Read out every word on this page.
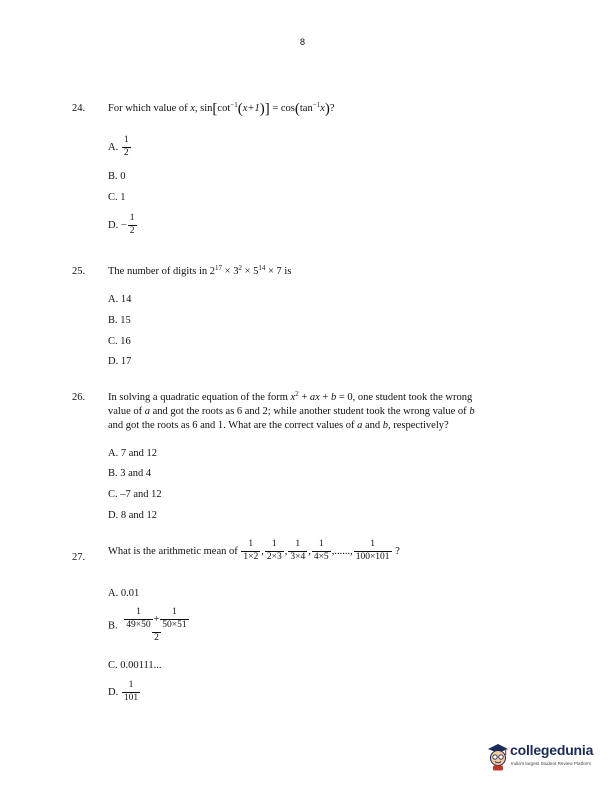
8
24. For which value of x, $\sin[\cot^{-1}(x+1)] = \cos(\tan^{-1}x)$?
A. $\frac{1}{2}$
B. 0
C. 1
D. − $\frac{1}{2}$
25. The number of digits in $2^{17} \times 3^2 \times 5^{14} \times 7$ is
A. 14
B. 15
C. 16
D. 17
26. In solving a quadratic equation of the form $x^2$ + ax + b = 0, one student took the wrong
value of a and got the roots as 6 and 2; while another student took the wrong value of b
and got the roots as 6 and 1. What are the correct values of a and b, respectively?
A. 7 and 12
B. 3 and 4
C. –7 and 12
D. 8 and 12
27.
What is the arithmetic mean of $\frac{1}{1\times 2}$ , $\frac{1}{2\times 3}$ , $\frac{1}{3\times 4}$ , $\frac{1}{4\times 5}$ ,......, $\frac{1}{100\times 101}$ ?
A. 0.01
B. $\frac{\frac{1}{49\times 50} + \frac{1}{50\times 51}}{2}$
C. 0.00111...
D. $\frac{1}{101}$
collegedunia
India's largest Student Review Platform
